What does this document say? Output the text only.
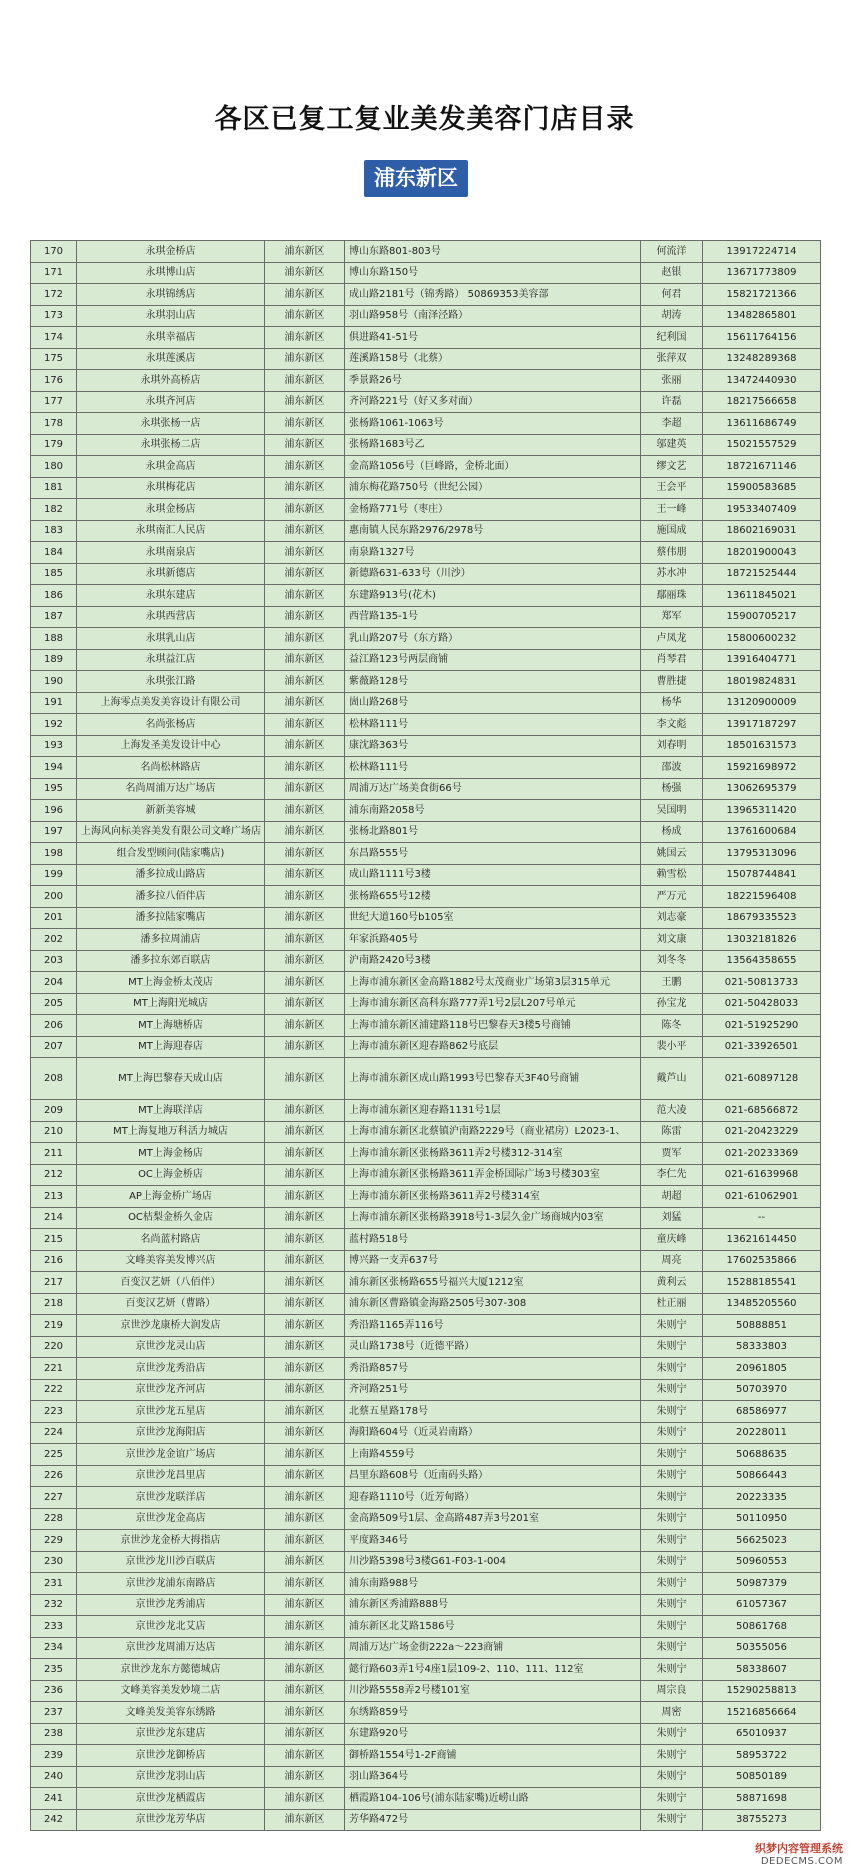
各区已复工复业美发美容门店目录
浦东新区
170	永琪金桥店	浦东新区	博山东路801-803号	何流洋	13917224714
171	永琪博山店	浦东新区	博山东路150号	赵银	13671773809
172	永琪锦绣店	浦东新区	成山路2181号（锦秀路） 50869353美容部	何君	15821721366
173	永琪羽山店	浦东新区	羽山路958号（南泽泾路）	胡涛	13482865801
174	永琪幸福店	浦东新区	俱进路41-51号	纪利国	15611764156
175	永琪莲溪店	浦东新区	莲溪路158号（北蔡）	张萍双	13248289368
176	永琪外高桥店	浦东新区	季景路26号	张丽	13472440930
177	永琪齐河店	浦东新区	齐河路221号（好又多对面）	许磊	18217566658
178	永琪张杨一店	浦东新区	张杨路1061-1063号	李超	13611686749
179	永琪张杨二店	浦东新区	张杨路1683号乙	邬建英	15021557529
180	永琪金高店	浦东新区	金高路1056号（巨峰路，金桥北面）	缪文艺	18721671146
181	永琪梅花店	浦东新区	浦东梅花路750号（世纪公园）	王会平	15900583685
182	永琪金杨店	浦东新区	金杨路771号（枣庄）	王一峰	19533407409
183	永琪南汇人民店	浦东新区	惠南镇人民东路2976/2978号	施国成	18602169031
184	永琪南泉店	浦东新区	南泉路1327号	蔡伟朋	18201900043
185	永琪新德店	浦东新区	新德路631-633号（川沙）	苏水冲	18721525444
186	永琪东建店	浦东新区	东建路913号(花木)	鄢丽珠	13611845021
187	永琪西营店	浦东新区	西营路135-1号	郑军	15900705217
188	永琪乳山店	浦东新区	乳山路207号（东方路）	卢凤龙	15800600232
189	永琪益江店	浦东新区	益江路123号两层商铺	肖琴君	13916404771
190	永琪张江路	浦东新区	紫薇路128号	曹胜捷	18019824831
191	上海零点美发美容设计有限公司	浦东新区	崮山路268号	杨华	13120900009
192	名尚张杨店	浦东新区	松林路111号	李文彪	13917187297
193	上海发圣美发设计中心	浦东新区	康沈路363号	刘春明	18501631573
194	名尚松林路店	浦东新区	松林路111号	邵波	15921698972
195	名尚周浦万达广场店	浦东新区	周浦万达广场美食街66号	杨强	13062695379
196	新新美容城	浦东新区	浦东南路2058号	吴国明	13965311420
197	上海风向标美容美发有限公司文峰广场店	浦东新区	张杨北路801号	杨成	13761600684
198	组合发型顾问(陆家嘴店)	浦东新区	东昌路555号	姚国云	13795313096
199	潘多拉成山路店	浦东新区	成山路1111号3楼	赖雪松	15078744841
200	潘多拉八佰伴店	浦东新区	张杨路655号12楼	严万元	18221596408
201	潘多拉陆家嘴店	浦东新区	世纪大道160号b105室	刘志豪	18679335523
202	潘多拉周浦店	浦东新区	年家浜路405号	刘文康	13032181826
203	潘多拉东郊百联店	浦东新区	沪南路2420号3楼	刘冬冬	13564358655
204	MT上海金桥太茂店	浦东新区	上海市浦东新区金高路1882号太茂商业广场第3层315单元	王鹏	021-50813733
205	MT上海阳光城店	浦东新区	上海市浦东新区高科东路777弄1号2层L207号单元	孙宝龙	021-50428033
206	MT上海塘桥店	浦东新区	上海市浦东新区浦建路118号巴黎春天3楼5号商铺	陈冬	021-51925290
207	MT上海迎春店	浦东新区	上海市浦东新区迎春路862号底层	裴小平	021-33926501
208	MT上海巴黎春天成山店	浦东新区	上海市浦东新区成山路1993号巴黎春天3F40号商铺	戴芦山	021-60897128
209	MT上海联洋店	浦东新区	上海市浦东新区迎春路1131号1层	范大凌	021-68566872
210	MT上海复地万科活力城店	浦东新区	上海市浦东新区北蔡镇沪南路2229号（商业裙房）L2023-1、	陈雷	021-20423229
211	MT上海金杨店	浦东新区	上海市浦东新区张杨路3611弄2号楼312-314室	贾军	021-20233369
212	OC上海金桥店	浦东新区	上海市浦东新区张杨路3611弄金桥国际广场3号楼303室	李仁先	021-61639968
213	AP上海金桥广场店	浦东新区	上海市浦东新区张杨路3611弄2号楼314室	胡超	021-61062901
214	OC桔梨金桥久金店	浦东新区	上海市浦东新区张杨路3918号1-3层久金广场商城内03室	刘猛	--
215	名尚蓝村路店	浦东新区	蓝村路518号	童庆峰	13621614450
216	文峰美容美发博兴店	浦东新区	博兴路一支弄637号	周亮	17602535866
217	百变汉艺妍（八佰伴）	浦东新区	浦东新区张杨路655号福兴大厦1212室	黄利云	15288185541
218	百变汉艺妍（曹路）	浦东新区	浦东新区曹路镇金海路2505号307-308	杜正丽	13485205560
219	京世沙龙康桥大润发店	浦东新区	秀沿路1165弄116号	朱则宁	50888851
220	京世沙龙灵山店	浦东新区	灵山路1738号（近德平路）	朱则宁	58333803
221	京世沙龙秀沿店	浦东新区	秀沿路857号	朱则宁	20961805
222	京世沙龙齐河店	浦东新区	齐河路251号	朱则宁	50703970
223	京世沙龙五星店	浦东新区	北蔡五星路178号	朱则宁	68586977
224	京世沙龙海阳店	浦东新区	海阳路604号（近灵岩南路）	朱则宁	20228011
225	京世沙龙金谊广场店	浦东新区	上南路4559号	朱则宁	50688635
226	京世沙龙昌里店	浦东新区	昌里东路608号（近南码头路）	朱则宁	50866443
227	京世沙龙联洋店	浦东新区	迎春路1110号（近芳甸路）	朱则宁	20223335
228	京世沙龙金高店	浦东新区	金高路509号1层、金高路487弄3号201室	朱则宁	50110950
229	京世沙龙金桥大拇指店	浦东新区	平度路346号	朱则宁	56625023
230	京世沙龙川沙百联店	浦东新区	川沙路5398号3楼G61-F03-1-004	朱则宁	50960553
231	京世沙龙浦东南路店	浦东新区	浦东南路988号	朱则宁	50987379
232	京世沙龙秀浦店	浦东新区	浦东新区秀浦路888号	朱则宁	61057367
233	京世沙龙北艾店	浦东新区	浦东新区北艾路1586号	朱则宁	50861768
234	京世沙龙周浦万达店	浦东新区	周浦万达广场金街222a～223商铺	朱则宁	50355056
235	京世沙龙东方懿德城店	浦东新区	懿行路603弄1号4座1层109-2、110、111、112室	朱则宁	58338607
236	文峰美容美发妙境二店	浦东新区	川沙路5558弄2号楼101室	周宗良	15290258813
237	文峰美发美容东绣路	浦东新区	东绣路859号	周密	15216856664
238	京世沙龙东建店	浦东新区	东建路920号	朱则宁	65010937
239	京世沙龙御桥店	浦东新区	御桥路1554号1-2F商铺	朱则宁	58953722
240	京世沙龙羽山店	浦东新区	羽山路364号	朱则宁	50850189
241	京世沙龙栖霞店	浦东新区	栖霞路104-106号(浦东陆家嘴)近崂山路	朱则宁	58871698
242	京世沙龙芳华店	浦东新区	芳华路472号	朱则宁	38755273
织梦内容管理系统
DEDECMS.COM
